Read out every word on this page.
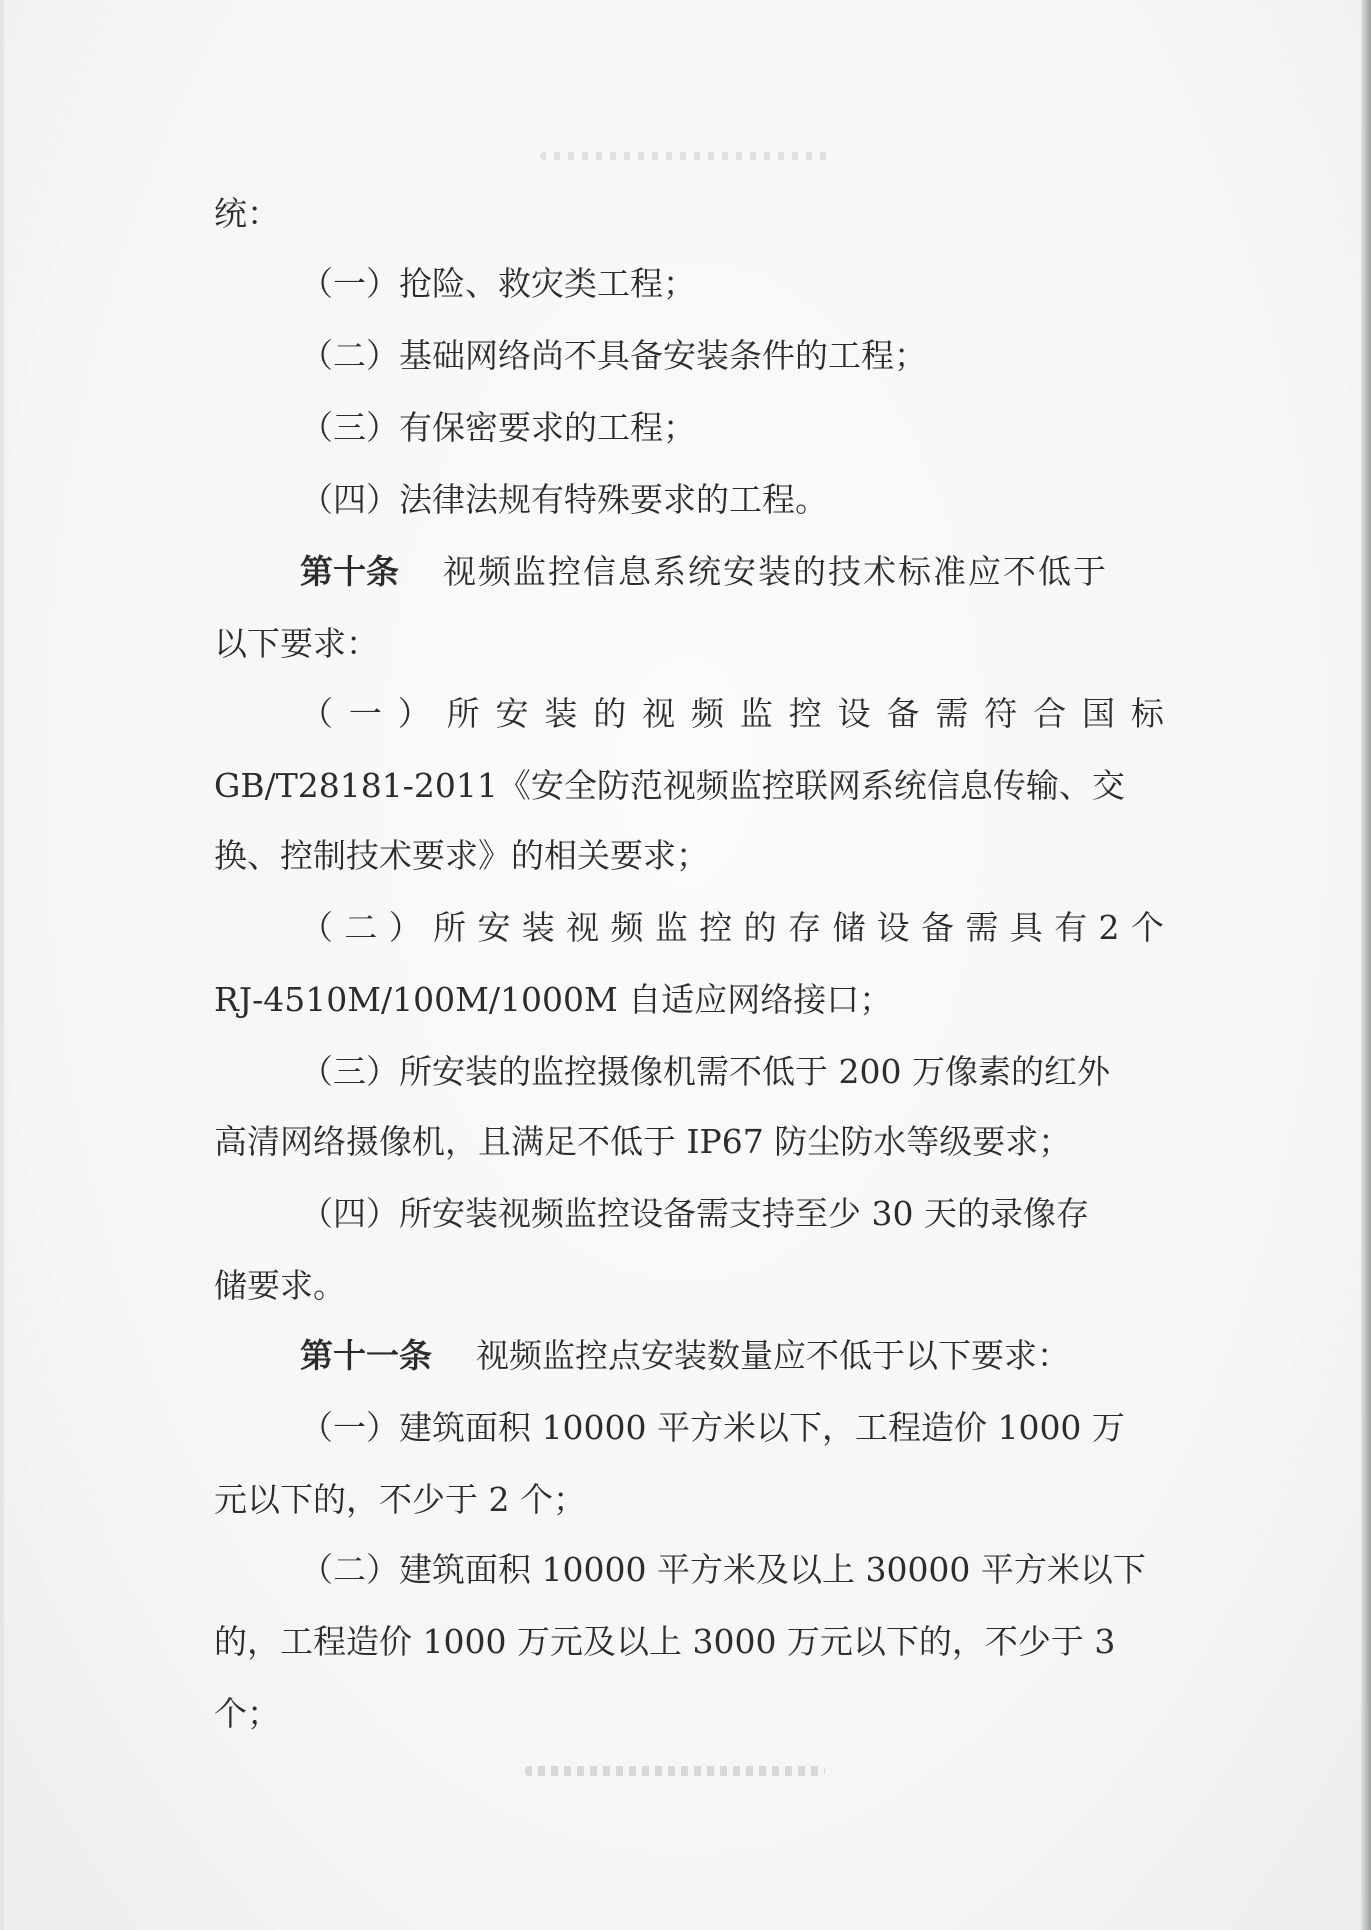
统：
（一）抢险、救灾类工程；
（二）基础网络尚不具备安装条件的工程；
（三）有保密要求的工程；
（四）法律法规有特殊要求的工程。
第十条 视频监控信息系统安装的技术标准应不低于
以下要求：
（ 一 ） 所 安 装 的 视 频 监 控 设 备 需 符 合 国 标
GB/T28181-2011《安全防范视频监控联网系统信息传输、交
换、控制技术要求》的相关要求；
（ 二 ） 所 安 装 视 频 监 控 的 存 储 设 备 需 具 有 2 个
RJ-4510M/100M/1000M 自适应网络接口；
（三）所安装的监控摄像机需不低于 200 万像素的红外
高清网络摄像机，且满足不低于 IP67 防尘防水等级要求；
（四）所安装视频监控设备需支持至少 30 天的录像存
储要求。
第十一条 视频监控点安装数量应不低于以下要求：
（一）建筑面积 10000 平方米以下，工程造价 1000 万
元以下的，不少于 2 个；
（二）建筑面积 10000 平方米及以上 30000 平方米以下
的，工程造价 1000 万元及以上 3000 万元以下的，不少于 3
个；
